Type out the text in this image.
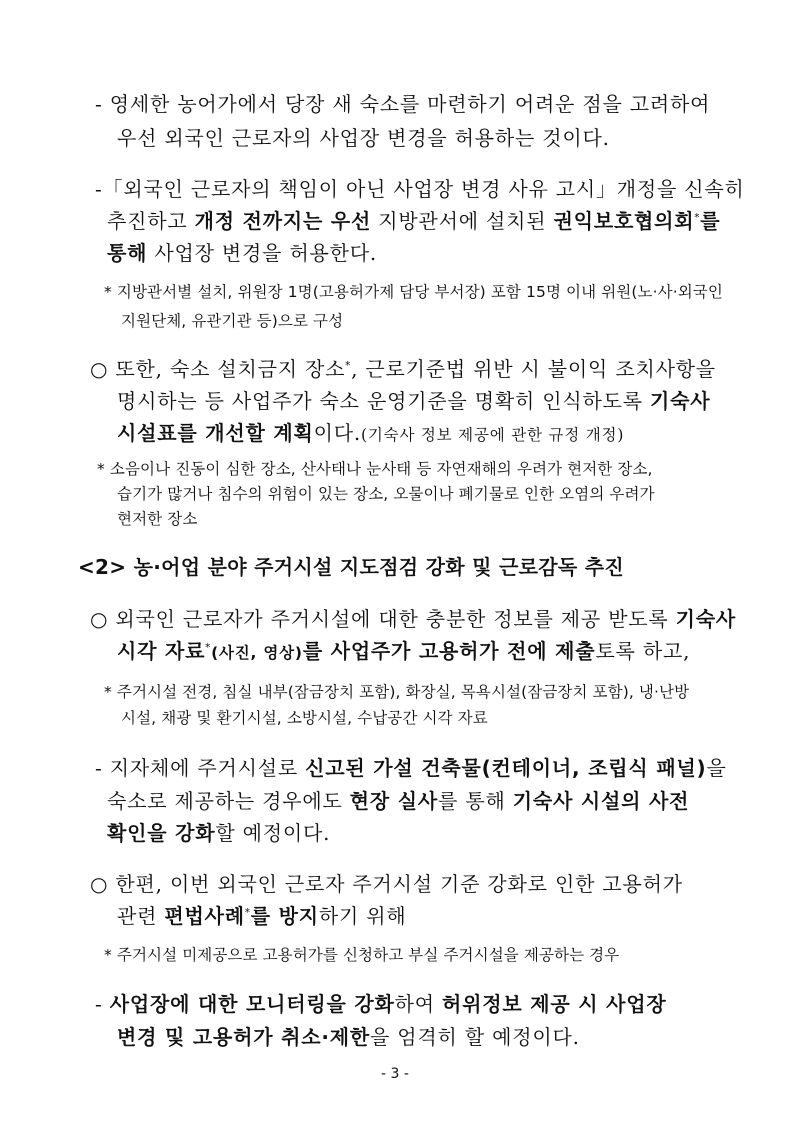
- 영세한 농어가에서 당장 새 숙소를 마련하기 어려운 점을 고려하여
우선 외국인 근로자의 사업장 변경을 허용하는 것이다.
-「외국인 근로자의 책임이 아닌 사업장 변경 사유 고시」개정을 신속히
추진하고 개정 전까지는 우선 지방관서에 설치된 권익보호협의회*를
통해 사업장 변경을 허용한다.
* 지방관서별 설치, 위원장 1명(고용허가제 담당 부서장) 포함 15명 이내 위원(노·사·외국인
지원단체, 유관기관 등)으로 구성
○ 또한, 숙소 설치금지 장소*, 근로기준법 위반 시 불이익 조치사항을
명시하는 등 사업주가 숙소 운영기준을 명확히 인식하도록 기숙사
시설표를 개선할 계획이다.(기숙사 정보 제공에 관한 규정 개정)
* 소음이나 진동이 심한 장소, 산사태나 눈사태 등 자연재해의 우려가 현저한 장소,
습기가 많거나 침수의 위험이 있는 장소, 오물이나 폐기물로 인한 오염의 우려가
현저한 장소
<2> 농·어업 분야 주거시설 지도점검 강화 및 근로감독 추진
○ 외국인 근로자가 주거시설에 대한 충분한 정보를 제공 받도록 기숙사
시각 자료*(사진, 영상)를 사업주가 고용허가 전에 제출토록 하고,
* 주거시설 전경, 침실 내부(잠금장치 포함), 화장실, 목욕시설(잠금장치 포함), 냉·난방
시설, 채광 및 환기시설, 소방시설, 수납공간 시각 자료
- 지자체에 주거시설로 신고된 가설 건축물(컨테이너, 조립식 패널)을
숙소로 제공하는 경우에도 현장 실사를 통해 기숙사 시설의 사전
확인을 강화할 예정이다.
○ 한편, 이번 외국인 근로자 주거시설 기준 강화로 인한 고용허가
관련 편법사례*를 방지하기 위해
* 주거시설 미제공으로 고용허가를 신청하고 부실 주거시설을 제공하는 경우
- 사업장에 대한 모니터링을 강화하여 허위정보 제공 시 사업장
변경 및 고용허가 취소·제한을 엄격히 할 예정이다.
- 3 -
